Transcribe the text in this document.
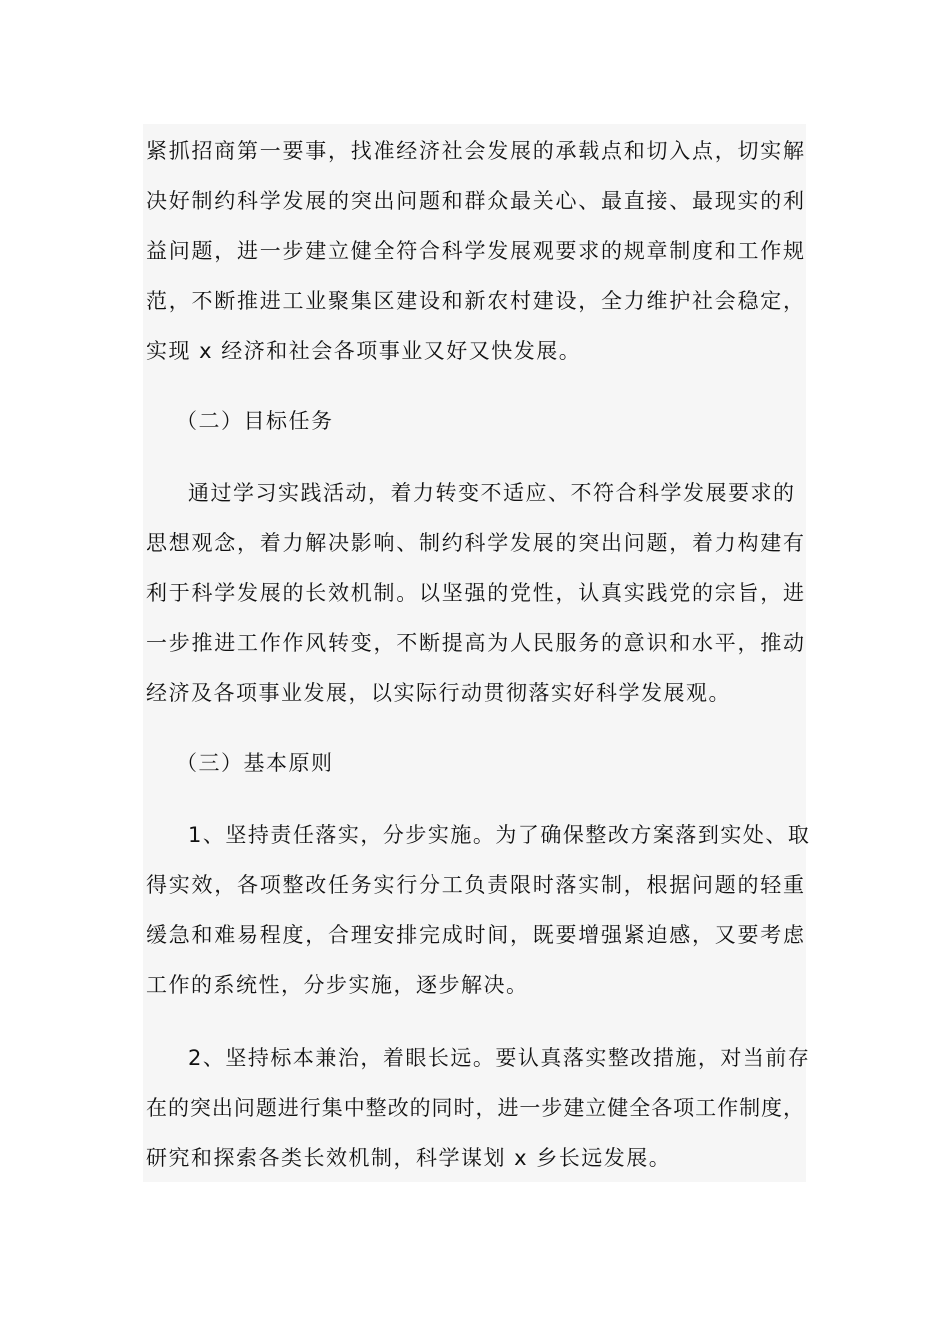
紧抓招商第一要事，找准经济社会发展的承载点和切入点，切实解
决好制约科学发展的突出问题和群众最关心、最直接、最现实的利
益问题，进一步建立健全符合科学发展观要求的规章制度和工作规
范，不断推进工业聚集区建设和新农村建设，全力维护社会稳定，
实现 x 经济和社会各项事业又好又快发展。
（二）目标任务
通过学习实践活动，着力转变不适应、不符合科学发展要求的
思想观念，着力解决影响、制约科学发展的突出问题，着力构建有
利于科学发展的长效机制。以坚强的党性，认真实践党的宗旨，进
一步推进工作作风转变，不断提高为人民服务的意识和水平，推动
经济及各项事业发展，以实际行动贯彻落实好科学发展观。
（三）基本原则
1、坚持责任落实，分步实施。为了确保整改方案落到实处、取
得实效，各项整改任务实行分工负责限时落实制，根据问题的轻重
缓急和难易程度，合理安排完成时间，既要增强紧迫感，又要考虑
工作的系统性，分步实施，逐步解决。
2、坚持标本兼治，着眼长远。要认真落实整改措施，对当前存
在的突出问题进行集中整改的同时，进一步建立健全各项工作制度，
研究和探索各类长效机制，科学谋划 x 乡长远发展。
